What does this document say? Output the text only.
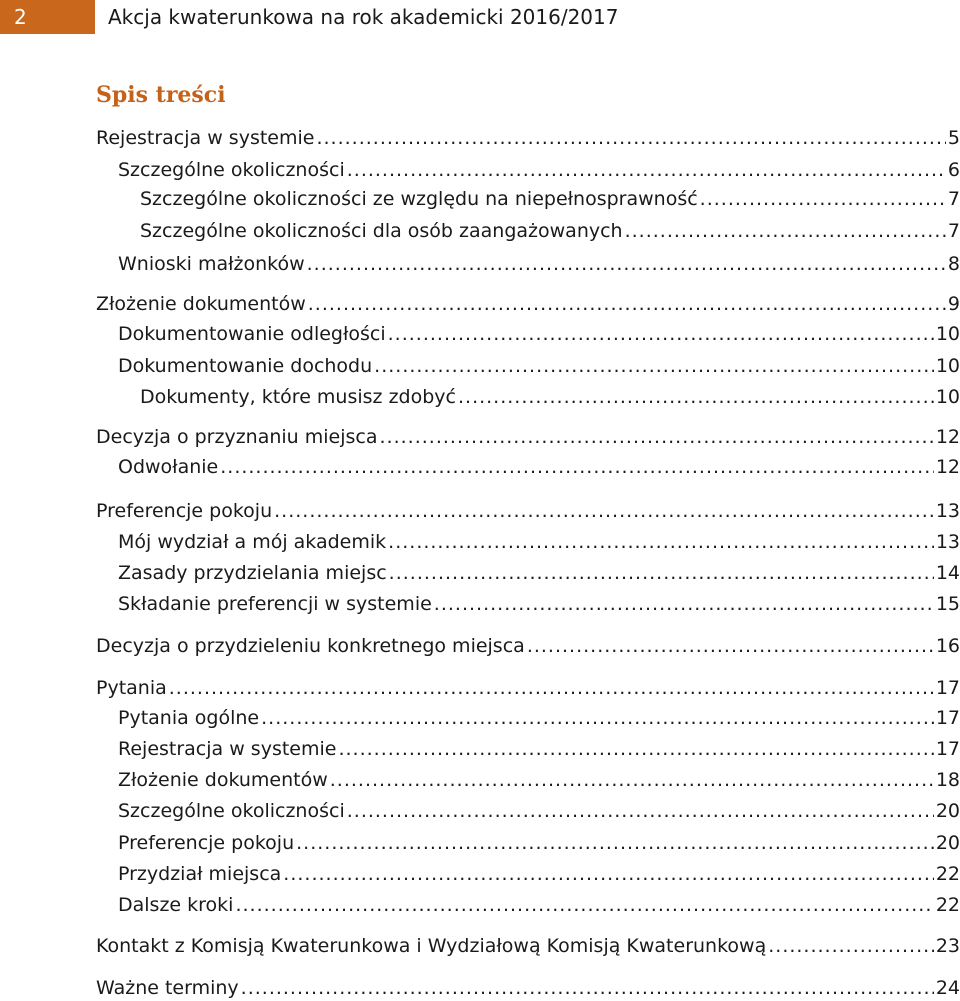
2	Akcja kwaterunkowa na rok akademicki 2016/2017
Spis treści
Rejestracja w systemie .....	5
Szczególne okoliczności .....	6
Szczególne okoliczności ze względu na niepełnosprawność .....	7
Szczególne okoliczności dla osób zaangażowanych .....	7
Wnioski małżonków .....	8
Złożenie dokumentów .....	9
Dokumentowanie odległości .....	10
Dokumentowanie dochodu .....	10
Dokumenty, które musisz zdobyć .....	10
Decyzja o przyznaniu miejsca .....	12
Odwołanie .....	12
Preferencje pokoju .....	13
Mój wydział a mój akademik .....	13
Zasady przydzielania miejsc .....	14
Składanie preferencji w systemie .....	15
Decyzja o przydzieleniu konkretnego miejsca .....	16
Pytania .....	17
Pytania ogólne .....	17
Rejestracja w systemie .....	17
Złożenie dokumentów .....	18
Szczególne okoliczności .....	20
Preferencje pokoju .....	20
Przydział miejsca .....	22
Dalsze kroki .....	22
Kontakt z Komisją Kwaterunkowa i Wydziałową Komisją Kwaterunkową .....	23
Ważne terminy .....	24
